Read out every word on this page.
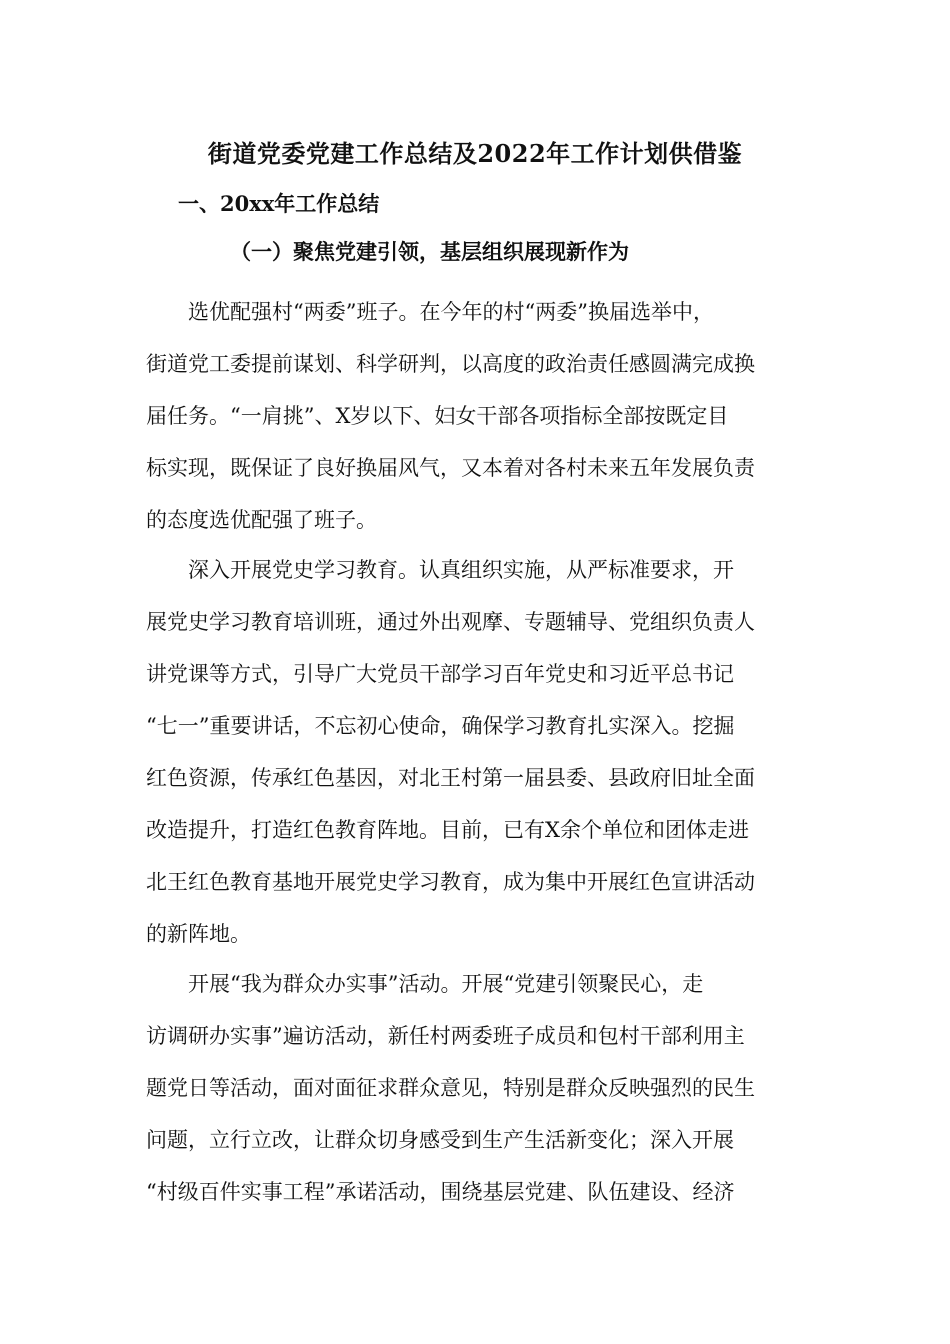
街道党委党建工作总结及2022年工作计划供借鉴
一、20xx年工作总结
（一）聚焦党建引领，基层组织展现新作为
　　选优配强村“两委”班子。在今年的村“两委”换届选举中，
街道党工委提前谋划、科学研判，以高度的政治责任感圆满完成换
届任务。“一肩挑”、X岁以下、妇女干部各项指标全部按既定目
标实现，既保证了良好换届风气，又本着对各村未来五年发展负责
的态度选优配强了班子。
　　深入开展党史学习教育。认真组织实施，从严标准要求，开
展党史学习教育培训班，通过外出观摩、专题辅导、党组织负责人
讲党课等方式，引导广大党员干部学习百年党史和习近平总书记
“七一”重要讲话，不忘初心使命，确保学习教育扎实深入。挖掘
红色资源，传承红色基因，对北王村第一届县委、县政府旧址全面
改造提升，打造红色教育阵地。目前，已有X余个单位和团体走进
北王红色教育基地开展党史学习教育，成为集中开展红色宣讲活动
的新阵地。
　　开展“我为群众办实事”活动。开展“党建引领聚民心，走
访调研办实事”遍访活动，新任村两委班子成员和包村干部利用主
题党日等活动，面对面征求群众意见，特别是群众反映强烈的民生
问题，立行立改，让群众切身感受到生产生活新变化；深入开展
“村级百件实事工程”承诺活动，围绕基层党建、队伍建设、经济
